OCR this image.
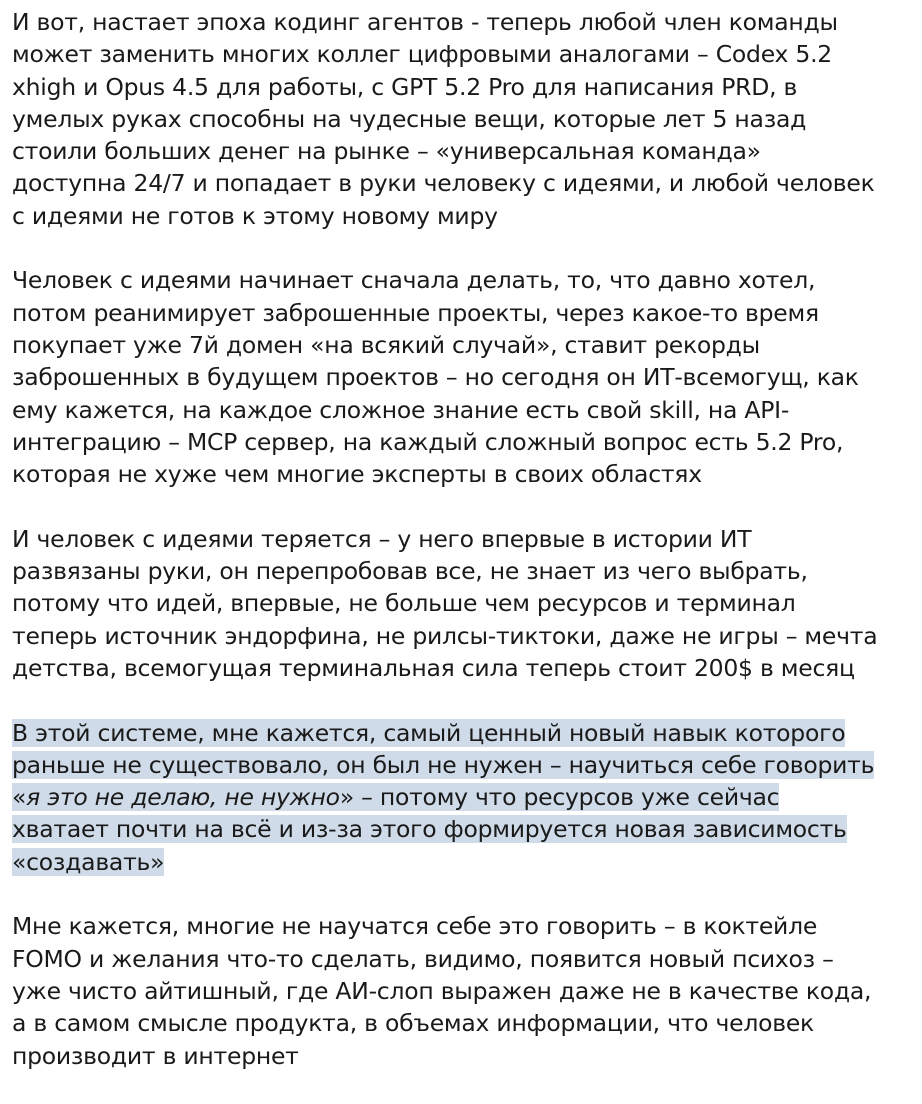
И вот, настает эпоха кодинг агентов - теперь любой член команды
может заменить многих коллег цифровыми аналогами – Codex 5.2
xhigh и Opus 4.5 для работы, с GPT 5.2 Pro для написания PRD, в
умелых руках способны на чудесные вещи, которые лет 5 назад
стоили больших денег на рынке – «универсальная команда»
доступна 24/7 и попадает в руки человеку с идеями, и любой человек
с идеями не готов к этому новому миру

Человек с идеями начинает сначала делать, то, что давно хотел,
потом реанимирует заброшенные проекты, через какое-то время
покупает уже 7й домен «на всякий случай», ставит рекорды
заброшенных в будущем проектов – но сегодня он ИТ-всемогущ, как
ему кажется, на каждое сложное знание есть свой skill, на API-
интеграцию – MCP сервер, на каждый сложный вопрос есть 5.2 Pro,
которая не хуже чем многие эксперты в своих областях

И человек с идеями теряется – у него впервые в истории ИТ
развязаны руки, он перепробовав все, не знает из чего выбрать,
потому что идей, впервые, не больше чем ресурсов и терминал
теперь источник эндорфина, не рилсы-тиктоки, даже не игры – мечта
детства, всемогущая терминальная сила теперь стоит 200$ в месяц

В этой системе, мне кажется, самый ценный новый навык которого
раньше не существовало, он был не нужен – научиться себе говорить
«я это не делаю, не нужно» – потому что ресурсов уже сейчас
хватает почти на всё и из-за этого формируется новая зависимость
«создавать»

Мне кажется, многие не научатся себе это говорить – в коктейле
FOMO и желания что-то сделать, видимо, появится новый психоз –
уже чисто айтишный, где АИ-слоп выражен даже не в качестве кода,
а в самом смысле продукта, в объемах информации, что человек
производит в интернет
